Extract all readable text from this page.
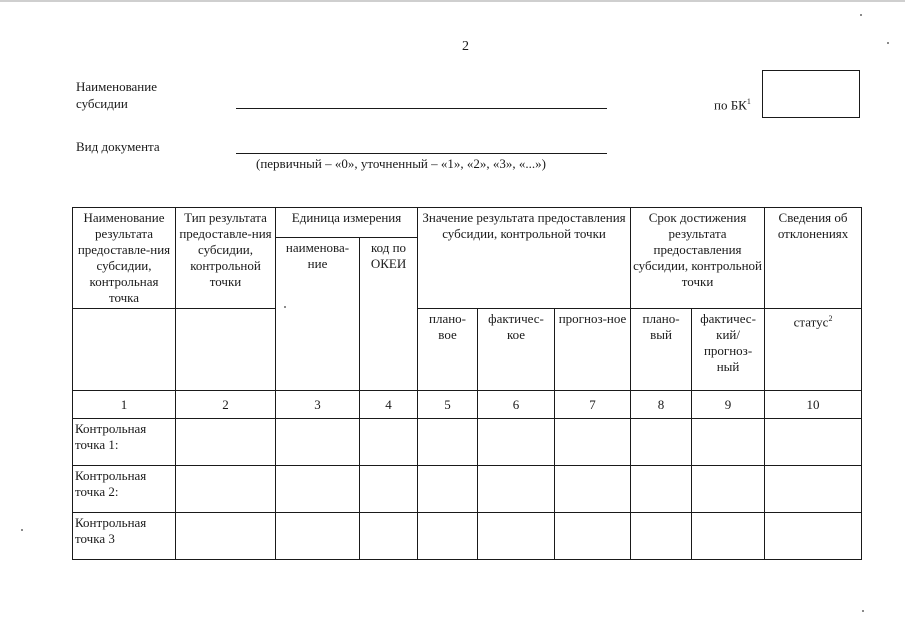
2
Наименование
субсидии	по $БК^1$
Вид документа
(первичный – «0», уточненный – «1», «2», «3», «...»)
Наименование результата предоставле-ния субсидии, контрольная точка	Тип результата предоставле-ния субсидии, контрольной точки	Единица измерения		Значение результата предоставления субсидии, контрольной точки			Срок достижения результата предоставления субсидии, контрольной точки		Сведения об отклонениях
		наименова-ние	код по ОКЕИ						
				плано-вое	фактичес-кое	прогноз-ное	плано-вый	фактичес-кий/ прогноз-ный	статус$^2$
1	2	3	4	5	6	7	8	9	10
Контрольная точка 1:									
Контрольная точка 2:									
Контрольная точка 3									
